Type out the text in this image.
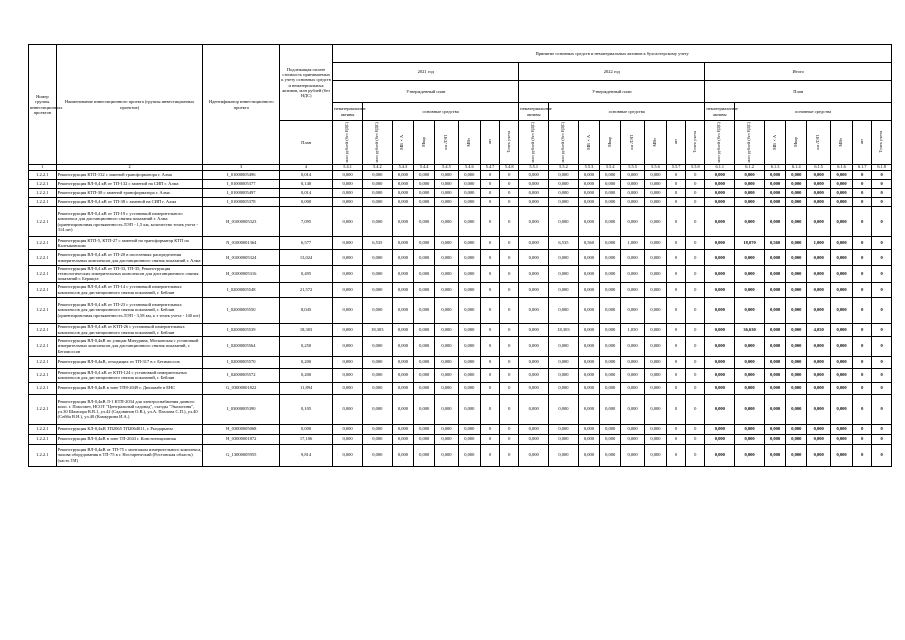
Номер группы инвестиционных проектов	Наименование инвестиционного проекта (группы инвестиционных проектов)	Идентификатор инвестиционного проекта	Подлежащая оплате стоимость принимаемых к учету основных средств и нематериальных активов, млн рублей (без НДС)	Принятие основных средств и нематериальных активов к бухгалтерскому учету																							
				2021 год								2022 год								Итого							
				Утвержденный план								Утвержденный план								План							
				нематериальные активы	основные средства							нематериальные активы	основные средства							нематериальные активы	основные средства						
			План	млн рублей (без НДС)	млн рублей (без НДС)	МВ×А	Мвар	км ЛЭП	МВт	шт	Точек учета	млн рублей (без НДС)	млн рублей (без НДС)	МВ×А	Мвар	км ЛЭП	МВт	шт	Точек учета	млн рублей (без НДС)	млн рублей (без НДС)	МВ×А	Мвар	км ЛЭП	МВт	шт	Точек учета
1	2	3	4	5.4.1	5.4.2	5.4.3	5.4.4	5.4.5	5.4.6	5.4.7	5.4.8	5.5.1	5.5.2	5.5.3	5.5.4	5.5.5	5.5.6	5.5.7	5.5.8	6.1.1	6.1.2	6.1.3	6.1.4	6.1.5	6.1.6	6.1.7	6.1.8
1.2.2.1	Реконструкция КТП-132 с заменой трансформатора г. Алма	I_01000005496	0,014	0,000	0,000	0,000	0,000	0,000	0,000	0	0	0,000	0,000	0,000	0,000	0,000	0,000	0	0	0,000	0,000	0,000	0,000	0,000	0,000	0	0
1.2.2.1	Реконструкция ВЛ-0,4 кВ от ТП-132 с заменой на СИП г. Алма	I_01000005377	0,140	0,000	0,000	0,000	0,000	0,000	0,000	0	0	0,000	0,000	0,000	0,000	0,000	0,000	0	0	0,000	0,000	0,000	0,000	0,000	0,000	0	0
1.2.2.1	Реконструкция КТП-38 с заменой трансформатора г. Алма	I_01000005497	0,014	0,000	0,000	0,000	0,000	0,000	0,000	0	0	0,000	0,000	0,000	0,000	0,000	0,000	0	0	0,000	0,000	0,000	0,000	0,000	0,000	0	0
1.2.2.1	Реконструкция ВЛ-0,4 кВ от ТП-38 с заменой на СИП г. Алма	I_01000005378	0,000	0,000	0,000	0,000	0,000	0,000	0,000	0	0	0,000	0,000	0,000	0,000	0,000	0,000	0	0	0,000	0,000	0,000	0,000	0,000	0,000	0	0
1.2.2.1	Реконструкция ВЛ-0,4 кВ от ТП-19 с установкой измерительного комплекса для дистанционного снятия показаний г. Алма (ориентировочная протяженность ЛЭП - 1,5 км, количество точек учета - 314 шт)	H_01000005323	7,095	0,000	0,000	0,000	0,000	0,000	0,000	0	0	0,000	0,000	0,000	0,000	0,000	0,000	0	0	0,000	0,000	0,000	0,000	0,000	0,000	0	0
1.2.2.1	Реконструкция КТП-5, КТП-27 с заменой на трансформатор КТП по Калтыковским	N_01000001364	6,577	0,000	6,535	0,000	0,000	0,000	0,000	0	0	0,000	6,535	0,560	0,000	1,000	0,000	0	0	0,000	18,070	0,560	0,000	1,000	0,000	0	0
1.2.2.1	Реконструкция ВЛ-0,4 кВ от ТП-20 в поселениях распределения измерительных комплексов для дистанционного снятия показаний г. Алма	H_01000005324	13,024	0,000	0,000	0,000	0,000	0,000	0,000	0	0	0,000	0,000	0,000	0,000	0,000	0,000	0	0	0,000	0,000	0,000	0,000	0,000	0,000	0	0
1.2.2.1	Реконструкция ВЛ-0,4 кВ от ТП-33, ТП-35, Реконструкция технологических измерительных комплексов для дистанционного снятия показаний г. Беращта	H_01000005316	0,495	0,000	0,000	0,000	0,000	0,000	0,000	0	0	0,000	0,000	0,000	0,000	0,000	0,000	0	0	0,000	0,000	0,000	0,000	0,000	0,000	0	0
1.2.2.1	Реконструкция ВЛ-0,4 кВ от ТП-14 с установкой измерительных комплексов для дистанционного снятия показаний, г. Бейлян	I_02000005548	21,572	0,000	0,000	0,000	0,000	0,000	0,000	0	0	0,000	0,000	0,000	0,000	0,000	0,000	0	0	0,000	0,000	0,000	0,000	0,000	0,000	0	0
1.2.2.1	Реконструкция ВЛ-0,4 кВ от ТП-23 с установкой измерительных комплексов для дистанционного снятия показаний, г. Бейлян (ориентировочная протяженность ЛЭП - 3,58 км, к т точек учета - 140 шт)	I_02000005550	8,045	0,000	0,000	0,000	0,000	0,000	0,000	0	0	0,000	0,000	0,000	0,000	0,000	0,000	0	0	0,000	0,000	0,000	0,000	0,000	0,000	0	0
1.2.2.1	Реконструкция ВЛ-0,4 кВ от КТП-26 с установкой измерительных комплексов для дистанционного снятия показаний, г. Бейлян	I_02000005539	18,303	0,000	18,303	0,000	0,000	0,000	0,000	0	0	0,000	18,303	0,000	0,000	1,050	0,000	0	0	0,000	36,630	0,000	0,000	4,050	0,000	0	0
1.2.2.1	Реконструкция ВЛ-0,4кВ по улицам Мичурина, Московская с установкой измерительных комплексов для дистанционного снятия показаний, г. Бегимоссов	I_02000005564	0,250	0,000	0,000	0,000	0,000	0,000	0,000	0	0	0,000	0,000	0,000	0,000	0,000	0,000	0	0	0,000	0,000	0,000	0,000	0,000	0,000	0	0
1.2.2.1	Реконструкция ВЛ-0,4кВ, отходящих от ТП-317 в г. Бегимоссов	I_02000005570	0,200	0,000	0,000	0,000	0,000	0,000	0,000	0	0	0,000	0,000	0,000	0,000	0,000	0,000	0	0	0,000	0,000	0,000	0,000	0,000	0,000	0	0
1.2.2.1	Реконструкция ВЛ-0,4 кВ от КТП-124 с установкой измерительных комплексов для дистанционного снятия показаний, г. Бейлян	I_02000005572	0,200	0,000	0,000	0,000	0,000	0,000	0,000	0	0	0,000	0,000	0,000	0,000	0,000	0,000	0	0	0,000	0,000	0,000	0,000	0,000	0,000	0	0
1.2.2.1	Реконструкция ВЛ-0,4кВ в зоне ТП8-2049 г. Дюшамбе в ЕНС	G_03000001822	11,894	0,000	0,000	0,000	0,000	0,000	0,000	0	0	0,000	0,000	0,000	0,000	0,000	0,000	0	0	0,000	0,000	0,000	0,000	0,000	0,000	0	0
1.2.2.1	Реконструкция ВЛ-0,4кВ Л-1 КТП-2034 для электроснабжения дачного кооп. г. Помсовет, НСОТ "Центральный садовод", съезды "Экологиня", ул.30 Шамсира В.В.1, ул.42 (Садовинов О.В.), ул.А. Пахлова С.П.), ул.40 (Сейба В.Н.), ул.40 (Комкурина И.А.)	I_03000005390	0,105	0,000	0,000	0,000	0,000	0,000	0,000	0	0	0,000	0,000	0,000	0,000	0,000	0,000	0	0	0,000	0,000	0,000	0,000	0,000	0,000	0	0
1.2.2.1	Реконструкция КЛ-0,4кВ ТП2065 ТП2064011, г. Рыздарыны	H_03000005068	0,000	0,000	0,000	0,000	0,000	0,000	0,000	0	0	0,000	0,000	0,000	0,000	0,000	0,000	0	0	0,000	0,000	0,000	0,000	0,000	0,000	0	0
1.2.2.1	Реконструкция ВЛ-0,4кВ в зоне ТП-2043 г. Конститюционная	H_03000001872	17,106	0,000	0,000	0,000	0,000	0,000	0,000	0	0	0,000	0,000	0,000	0,000	0,000	0,000	0	0	0,000	0,000	0,000	0,000	0,000	0,000	0	0
1.2.2.1	Реконструкция ВЛ-0,4кВ от ТП-75 с монтажом измерительного комплекса, чалова оборудования в ТП-75 в г. Ностаренгский (Ростовская область) (часть ТИ)	G_13000005955	9,814	0,000	0,000	0,000	0,000	0,000	0,000	0	0	0,000	0,000	0,000	0,000	0,000	0,000	0	0	0,000	0,000	0,000	0,000	0,000	0,000	0	0
